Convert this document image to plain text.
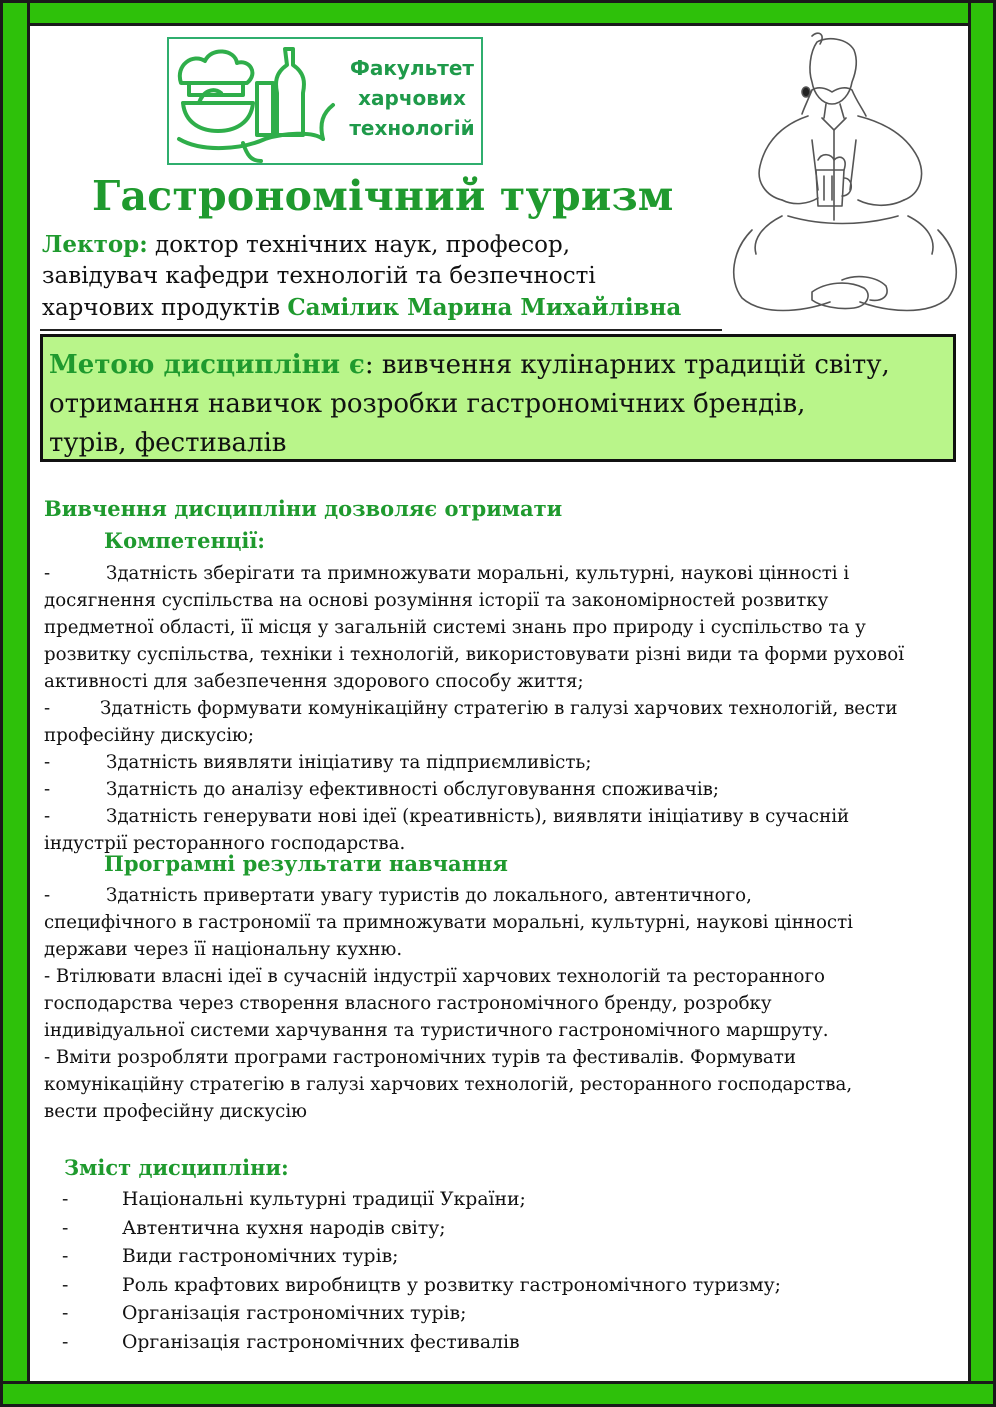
Факультет
харчових
технологій
Гастрономічний туризм
Лектор: доктор технічних наук, професор,
завідувач кафедри технологій та безпечності
харчових продуктів Самілик Марина Михайлівна
Метою дисципліни є: вивчення кулінарних традицій світу,
отримання навичок розробки гастрономічних брендів,
турів, фестивалів
Вивчення дисципліни дозволяє отримати
Компетенції:
-	Здатність зберігати та примножувати моральні, культурні, наукові цінності і
досягнення суспільства на основі розуміння історії та закономірностей розвитку
предметної області, її місця у загальній системі знань про природу і суспільство та у
розвитку суспільства, техніки і технологій, використовувати різні види та форми рухової
активності для забезпечення здорового способу життя;
-	Здатність формувати комунікаційну стратегію в галузі харчових технологій, вести
професійну дискусію;
-	Здатність виявляти ініціативу та підприємливість;
-	Здатність до аналізу ефективності обслуговування споживачів;
-	Здатність генерувати нові ідеї (креативність), виявляти ініціативу в сучасній
індустрії ресторанного господарства.
Програмні результати навчання
-	Здатність привертати увагу туристів до локального, автентичного,
специфічного в гастрономії та примножувати моральні, культурні, наукові цінності
держави через її національну кухню.
- Втілювати власні ідеї в сучасній індустрії харчових технологій та ресторанного
господарства через створення власного гастрономічного бренду, розробку
індивідуальної системи харчування та туристичного гастрономічного маршруту.
- Вміти розробляти програми гастрономічних турів та фестивалів. Формувати
комунікаційну стратегію в галузі харчових технологій, ресторанного господарства,
вести професійну дискусію
Зміст дисципліни:
-	Національні культурні традиції України;
-	Автентична кухня народів світу;
-	Види гастрономічних турів;
-	Роль крафтових виробництв у розвитку гастрономічного туризму;
-	Організація гастрономічних турів;
-	Організація гастрономічних фестивалів
